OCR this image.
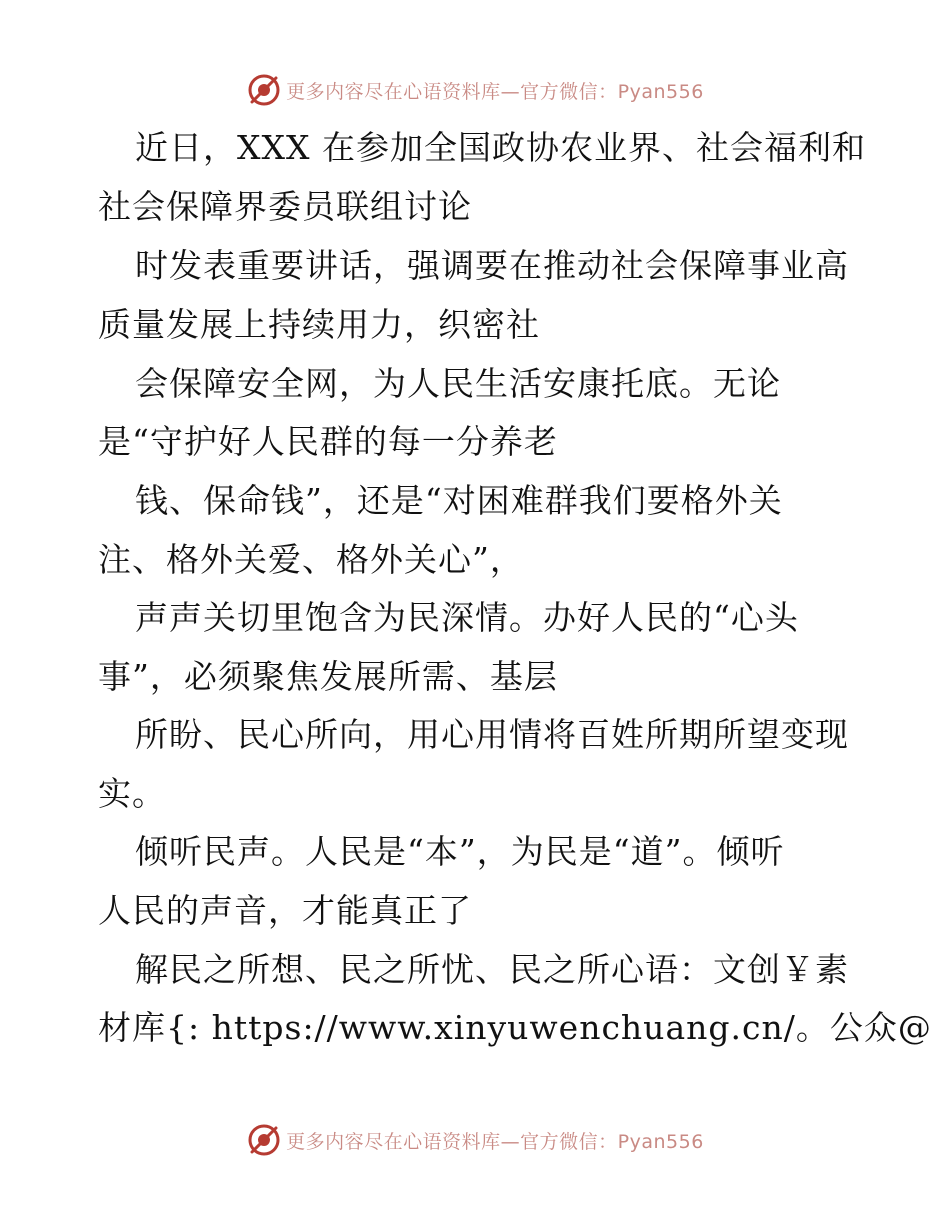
更多内容尽在心语资料库—官方微信：Pyan556
近日，XXX 在参加全国政协农业界、社会福利和
社会保障界委员联组讨论
时发表重要讲话，强调要在推动社会保障事业高
质量发展上持续用力，织密社
会保障安全网，为人民生活安康托底。无论
是“守护好人民群的每一分养老
钱、保命钱”，还是“对困难群我们要格外关
注、格外关爱、格外关心”，
声声关切里饱含为民深情。办好人民的“心头
事”，必须聚焦发展所需、基层
所盼、民心所向，用心用情将百姓所期所望变现
实。
倾听民声。人民是“本”，为民是“道”。倾听
人民的声音，才能真正了
解民之所想、民之所忧、民之所心语：文创￥素
材库{: https://www.xinyuwenchuang.cn/。公众@
更多内容尽在心语资料库—官方微信：Pyan556
